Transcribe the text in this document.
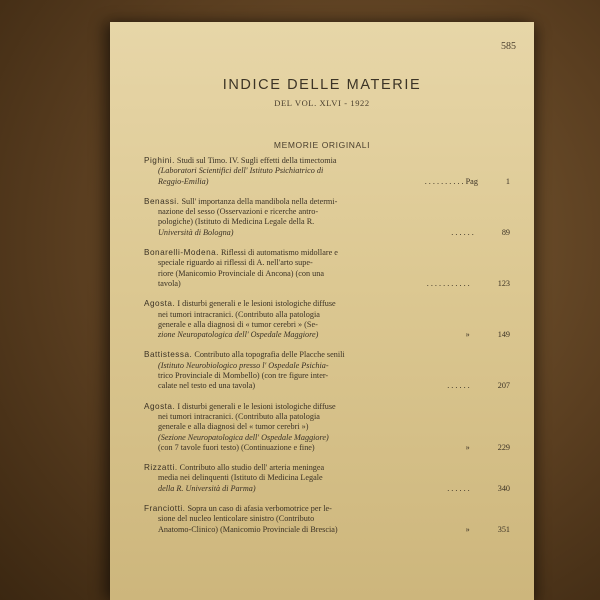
585
INDICE DELLE MATERIE
DEL VOL. XLVI - 1922
MEMORIE ORIGINALI
Pighini. Studi sul Timo. IV. Sugli effetti della timectomia
(Laboratori Scientifici dell' Istituto Psichiatrico di
Reggio-Emilia)	. . . . . . . . . . Pag	1
Benassi. Sull' importanza della mandibola nella determi-
nazione del sesso (Osservazioni e ricerche antro-
pologiche) (Istituto di Medicina Legale della R.
Università di Bologna)	. . . . . .	89
Bonarelli-Modena. Riflessi di automatismo midollare e
speciale riguardo ai riflessi di A. nell'arto supe-
riore (Manicomio Provinciale di Ancona) (con una
tavola)	. . . . . . . . . . .	123
Agosta. I disturbi generali e le lesioni istologiche diffuse
nei tumori intracranici. (Contributo alla patologia
generale e alla diagnosi di « tumor cerebri » (Se-
zione Neuropatologica dell' Ospedale Maggiore)	»	149
Battistessa. Contributo alla topografia delle Placche senili
(Istituto Neurobiologico presso l' Ospedale Psichia-
trico Provinciale di Mombello) (con tre figure inter-
calate nel testo ed una tavola)	. . . . . .	207
Agosta. I disturbi generali e le lesioni istologiche diffuse
nei tumori intracranici. (Contributo alla patologia
generale e alla diagnosi del « tumor cerebri »)
(Sezione Neuropatologica dell' Ospedale Maggiore)
(con 7 tavole fuori testo) (Continuazione e fine)	»	229
Rizzatti. Contributo allo studio dell' arteria meningea
media nei delinquenti (Istituto di Medicina Legale
della R. Università di Parma)	. . . . . .	340
Franciotti. Sopra un caso di afasia verbomotrice per le-
sione del nucleo lenticolare sinistro (Contributo
Anatomo-Clinico) (Manicomio Provinciale di Brescia)	»	351
